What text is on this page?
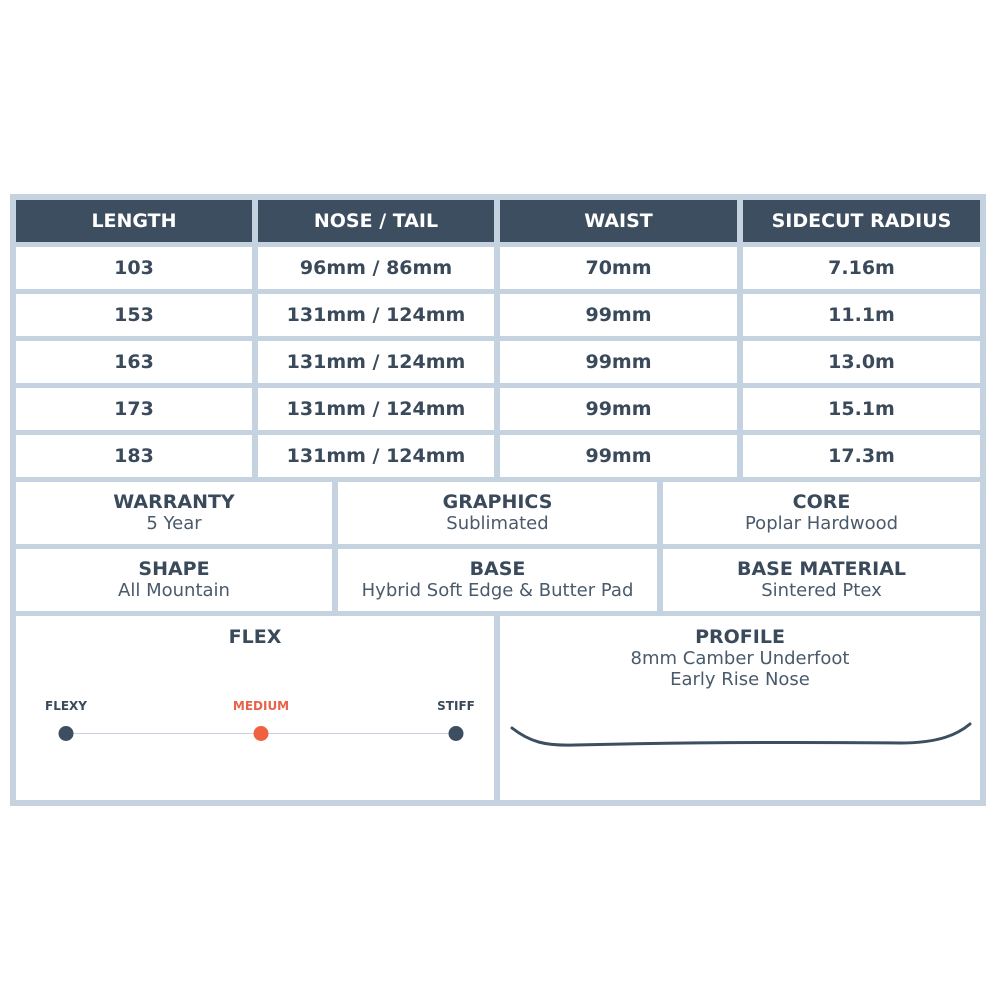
LENGTH	NOSE / TAIL	WAIST	SIDECUT RADIUS
103	96mm / 86mm	70mm	7.16m
153	131mm / 124mm	99mm	11.1m
163	131mm / 124mm	99mm	13.0m
173	131mm / 124mm	99mm	15.1m
183	131mm / 124mm	99mm	17.3m
WARRANTY
5 Year
GRAPHICS
Sublimated
CORE
Poplar Hardwood
SHAPE
All Mountain
BASE
Hybrid Soft Edge & Butter Pad
BASE MATERIAL
Sintered Ptex
FLEX
FLEXY	MEDIUM	STIFF
PROFILE
8mm Camber Underfoot
Early Rise Nose
